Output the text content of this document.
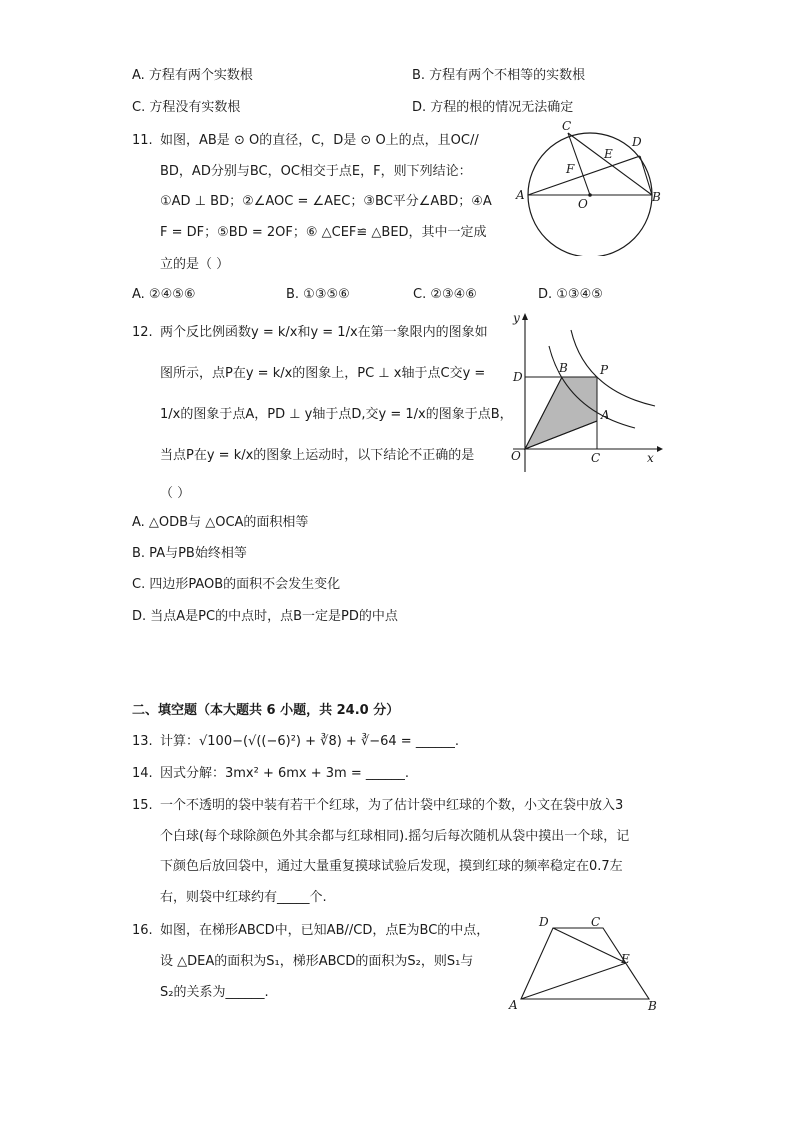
A. 方程有两个实数根	B. 方程有两个不相等的实数根
C. 方程没有实数根	D. 方程的根的情况无法确定
11. 如图，AB是 ⊙ O的直径，C，D是 ⊙ O上的点，且OC//
BD，AD分别与BC，OC相交于点E，F，则下列结论：
①AD ⊥ BD；②∠AOC = ∠AEC；③BC平分∠ABD；④A
F = DF；⑤BD = 2OF；⑥ △CEF≌ △BED，其中一定成
立的是（ ）
C
D
E
F
A
O	B
A. ②④⑤⑥	B. ①③⑤⑥	C. ②③④⑥	D. ①③④⑤
12. 两个反比例函数y = k/x和y = 1/x在第一象限内的图象如
图所示，点P在y = k/x的图象上，PC ⊥ x轴于点C交y =
1/x的图象于点A，PD ⊥ y轴于点D,交y = 1/x的图象于点B，
当点P在y = k/x的图象上运动时，以下结论不正确的是
（ ）
y
D
B	P
A
O	C	x
A. △ODB与 △OCA的面积相等
B. PA与PB始终相等
C. 四边形PAOB的面积不会发生变化
D. 当点A是PC的中点时，点B一定是PD的中点
二、填空题（本大题共 6 小题，共 24.0 分）
13. 计算：√100−(√((−6)²) + ∛8) + ∛−64 = ______.
14. 因式分解：3mx² + 6mx + 3m = ______.
15. 一个不透明的袋中装有若干个红球，为了估计袋中红球的个数，小文在袋中放入3
个白球(每个球除颜色外其余都与红球相同).摇匀后每次随机从袋中摸出一个球，记
下颜色后放回袋中，通过大量重复摸球试验后发现，摸到红球的频率稳定在0.7左
右，则袋中红球约有_____个.
16. 如图，在梯形ABCD中，已知AB//CD，点E为BC的中点，
设 △DEA的面积为S₁，梯形ABCD的面积为S₂，则S₁与
S₂的关系为______.
D	C
E
A	B
